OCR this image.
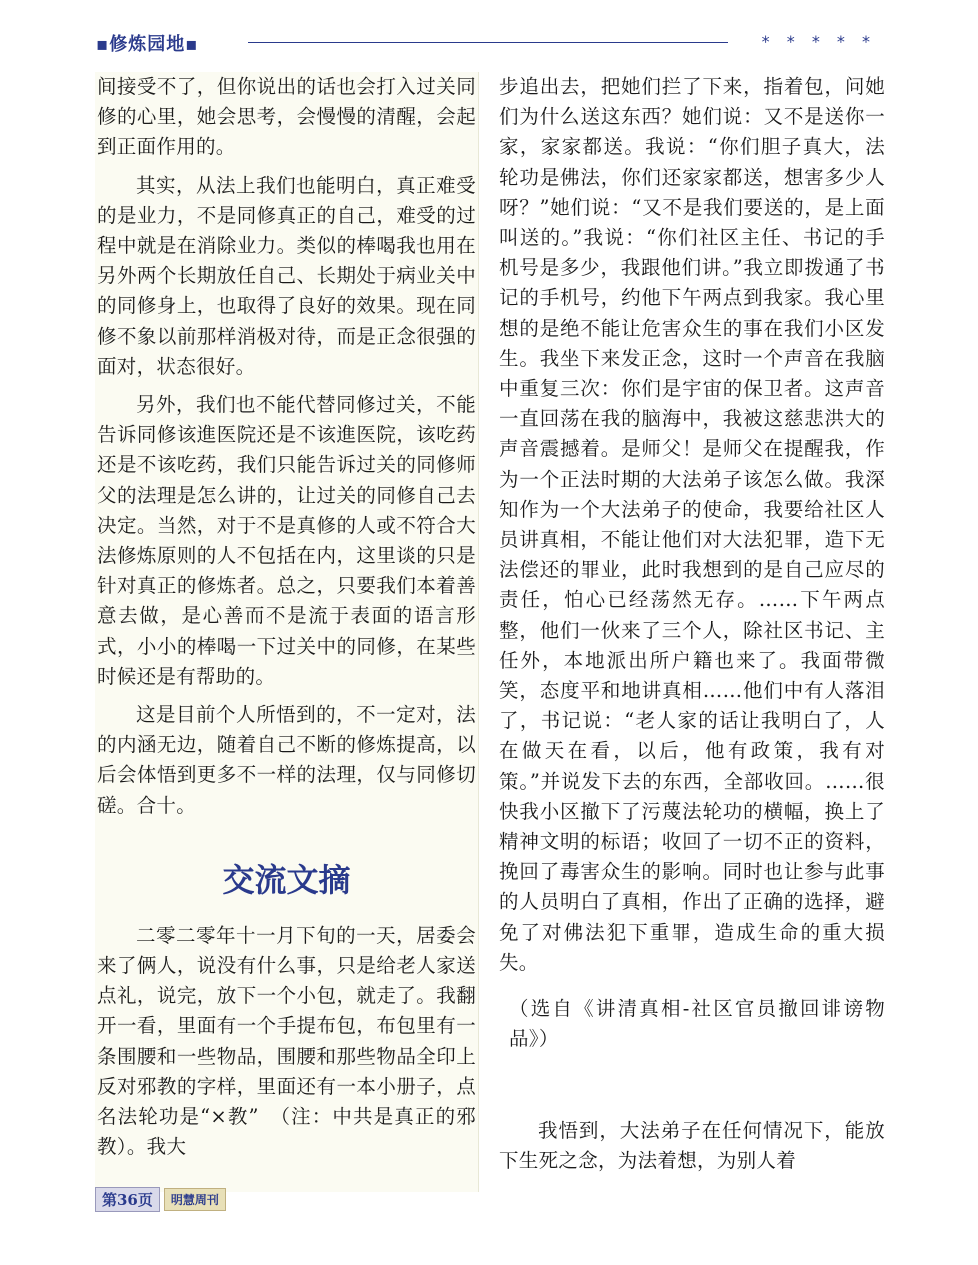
▪修炼园地▪	* * * * *

间接受不了，但你说出的话也会打入过关同修的心里，她会思考，会慢慢的清醒，会起到正面作用的。

其实，从法上我们也能明白，真正难受的是业力，不是同修真正的自己，难受的过程中就是在消除业力。类似的棒喝我也用在另外两个长期放任自己、长期处于病业关中的同修身上，也取得了良好的效果。现在同修不象以前那样消极对待，而是正念很强的面对，状态很好。

另外，我们也不能代替同修过关，不能告诉同修该進医院还是不该進医院，该吃药还是不该吃药，我们只能告诉过关的同修师父的法理是怎么讲的，让过关的同修自己去决定。当然，对于不是真修的人或不符合大法修炼原则的人不包括在内，这里谈的只是针对真正的修炼者。总之，只要我们本着善意去做，是心善而不是流于表面的语言形式，小小的棒喝一下过关中的同修，在某些时候还是有帮助的。

这是目前个人所悟到的，不一定对，法的内涵无边，随着自己不断的修炼提高，以后会体悟到更多不一样的法理，仅与同修切磋。合十。

交流文摘

二零二零年十一月下旬的一天，居委会来了俩人，说没有什么事，只是给老人家送点礼，说完，放下一个小包，就走了。我翻开一看，里面有一个手提布包，布包里有一条围腰和一些物品，围腰和那些物品全印上反对邪教的字样，里面还有一本小册子，点名法轮功是“×教”　（注：中共是真正的邪教）。我大

步追出去，把她们拦了下来，指着包，问她们为什么送这东西？她们说：又不是送你一家，家家都送。我说：“你们胆子真大，法轮功是佛法，你们还家家都送，想害多少人呀？”她们说：“又不是我们要送的，是上面叫送的。”我说：“你们社区主任、书记的手机号是多少，我跟他们讲。”我立即拨通了书记的手机号，约他下午两点到我家。我心里想的是绝不能让危害众生的事在我们小区发生。我坐下来发正念，这时一个声音在我脑中重复三次：你们是宇宙的保卫者。这声音一直回荡在我的脑海中，我被这慈悲洪大的声音震撼着。是师父！是师父在提醒我，作为一个正法时期的大法弟子该怎么做。我深知作为一个大法弟子的使命，我要给社区人员讲真相，不能让他们对大法犯罪，造下无法偿还的罪业，此时我想到的是自己应尽的责任，怕心已经荡然无存。……下午两点整，他们一伙来了三个人，除社区书记、主任外，本地派出所户籍也来了。我面带微笑，态度平和地讲真相……他们中有人落泪了，书记说：“老人家的话让我明白了，人在做天在看，以后，他有政策，我有对策。”并说发下去的东西，全部收回。……很快我小区撤下了污蔑法轮功的横幅，换上了精神文明的标语；收回了一切不正的资料，挽回了毒害众生的影响。同时也让参与此事的人员明白了真相，作出了正确的选择，避免了对佛法犯下重罪，造成生命的重大损失。

（选自《讲清真相-社区官员撤回诽谤物品》）

我悟到，大法弟子在任何情况下，能放下生死之念，为法着想，为别人着

第36页	明慧周刊
